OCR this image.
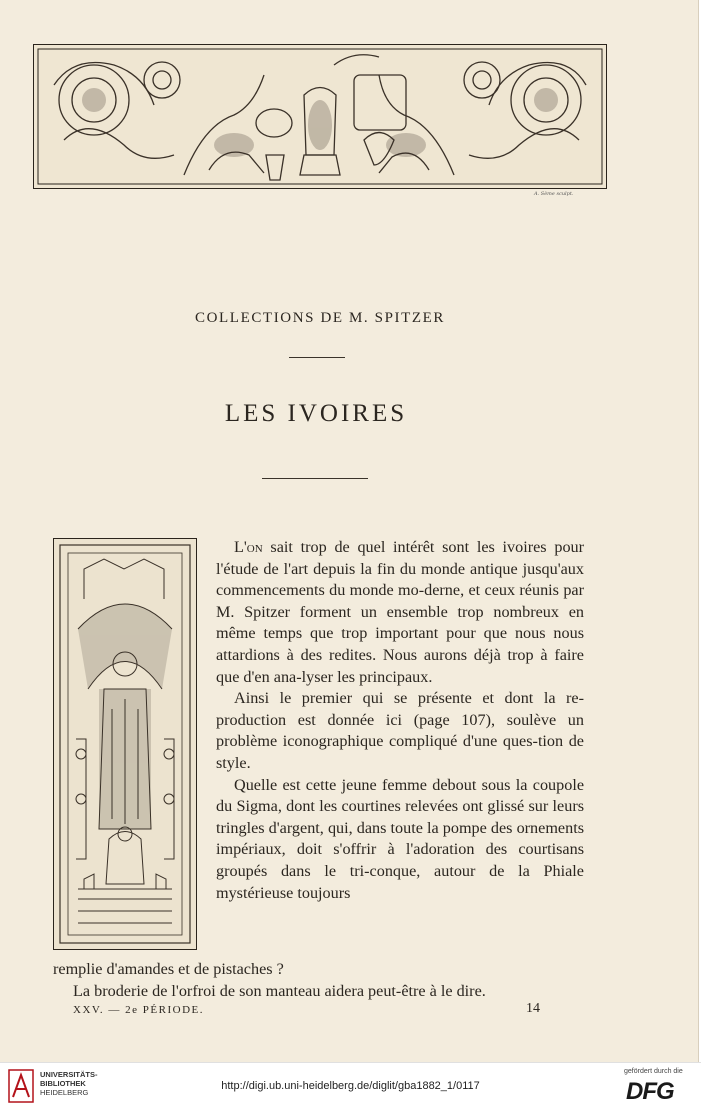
A. Sème sculpt.
COLLECTIONS DE M. SPITZER
LES IVOIRES

L'on sait trop de quel intérêt sont les ivoires pour l'étude de l'art depuis la fin du monde antique jusqu'aux commencements du monde mo-derne, et ceux réunis par M. Spitzer forment un ensemble trop nombreux en même temps que trop important pour que nous nous attardions à des redites. Nous aurons déjà trop à faire que d'en ana-lyser les principaux.

Ainsi le premier qui se présente et dont la re-production est donnée ici (page 107), soulève un problème iconographique compliqué d'une ques-tion de style.

Quelle est cette jeune femme debout sous la coupole du Sigma, dont les courtines relevées ont glissé sur leurs tringles d'argent, qui, dans toute la pompe des ornements impériaux, doit s'offrir à l'adoration des courtisans groupés dans le tri-conque, autour de la Phiale mystérieuse toujours

remplie d'amandes et de pistaches ?

La broderie de l'orfroi de son manteau aidera peut-être à le dire.

XXV. — 2e PÉRIODE.	14
UNIVERSITÄTS-
BIBLIOTHEK
HEIDELBERG
http://digi.ub.uni-heidelberg.de/diglit/gba1882_1/0117
gefördert durch die
DFG
